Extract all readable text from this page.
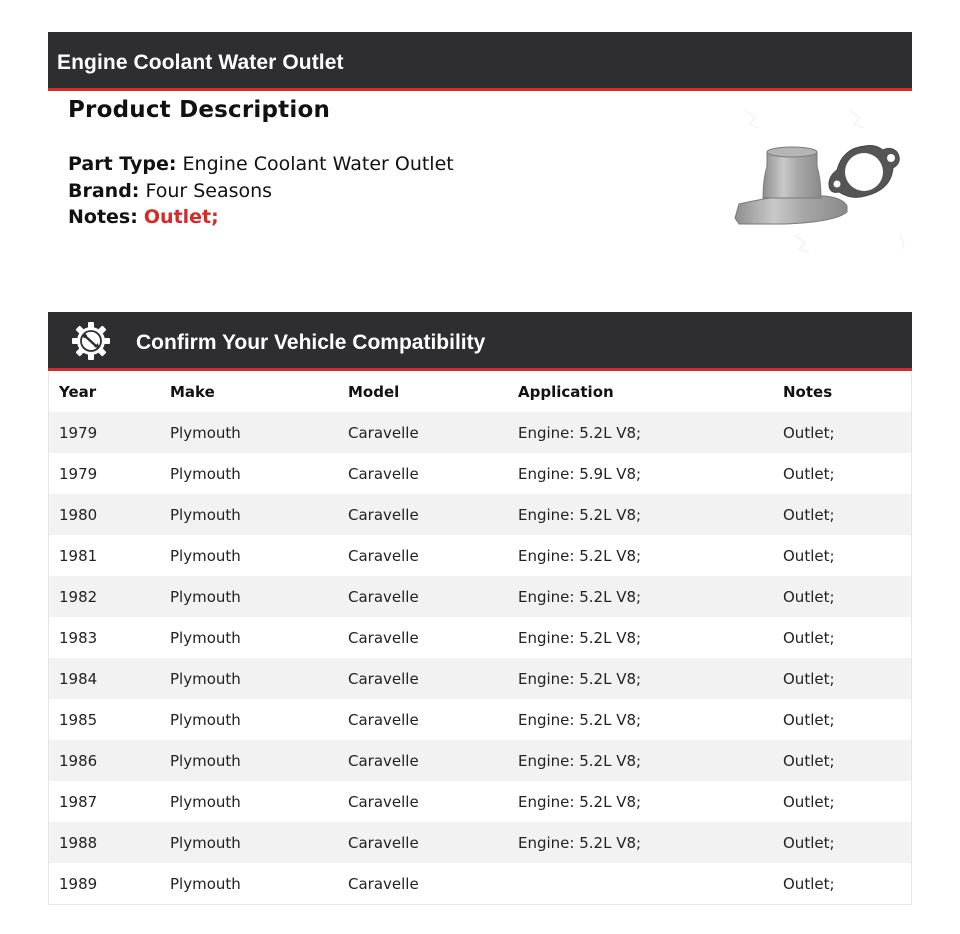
Engine Coolant Water Outlet
Product Description
Part Type: Engine Coolant Water Outlet
Brand: Four Seasons
Notes: Outlet;
Confirm Your Vehicle Compatibility
Year	Make	Model	Application	Notes
1979	Plymouth	Caravelle	Engine: 5.2L V8;	Outlet;
1979	Plymouth	Caravelle	Engine: 5.9L V8;	Outlet;
1980	Plymouth	Caravelle	Engine: 5.2L V8;	Outlet;
1981	Plymouth	Caravelle	Engine: 5.2L V8;	Outlet;
1982	Plymouth	Caravelle	Engine: 5.2L V8;	Outlet;
1983	Plymouth	Caravelle	Engine: 5.2L V8;	Outlet;
1984	Plymouth	Caravelle	Engine: 5.2L V8;	Outlet;
1985	Plymouth	Caravelle	Engine: 5.2L V8;	Outlet;
1986	Plymouth	Caravelle	Engine: 5.2L V8;	Outlet;
1987	Plymouth	Caravelle	Engine: 5.2L V8;	Outlet;
1988	Plymouth	Caravelle	Engine: 5.2L V8;	Outlet;
1989	Plymouth	Caravelle		Outlet;
